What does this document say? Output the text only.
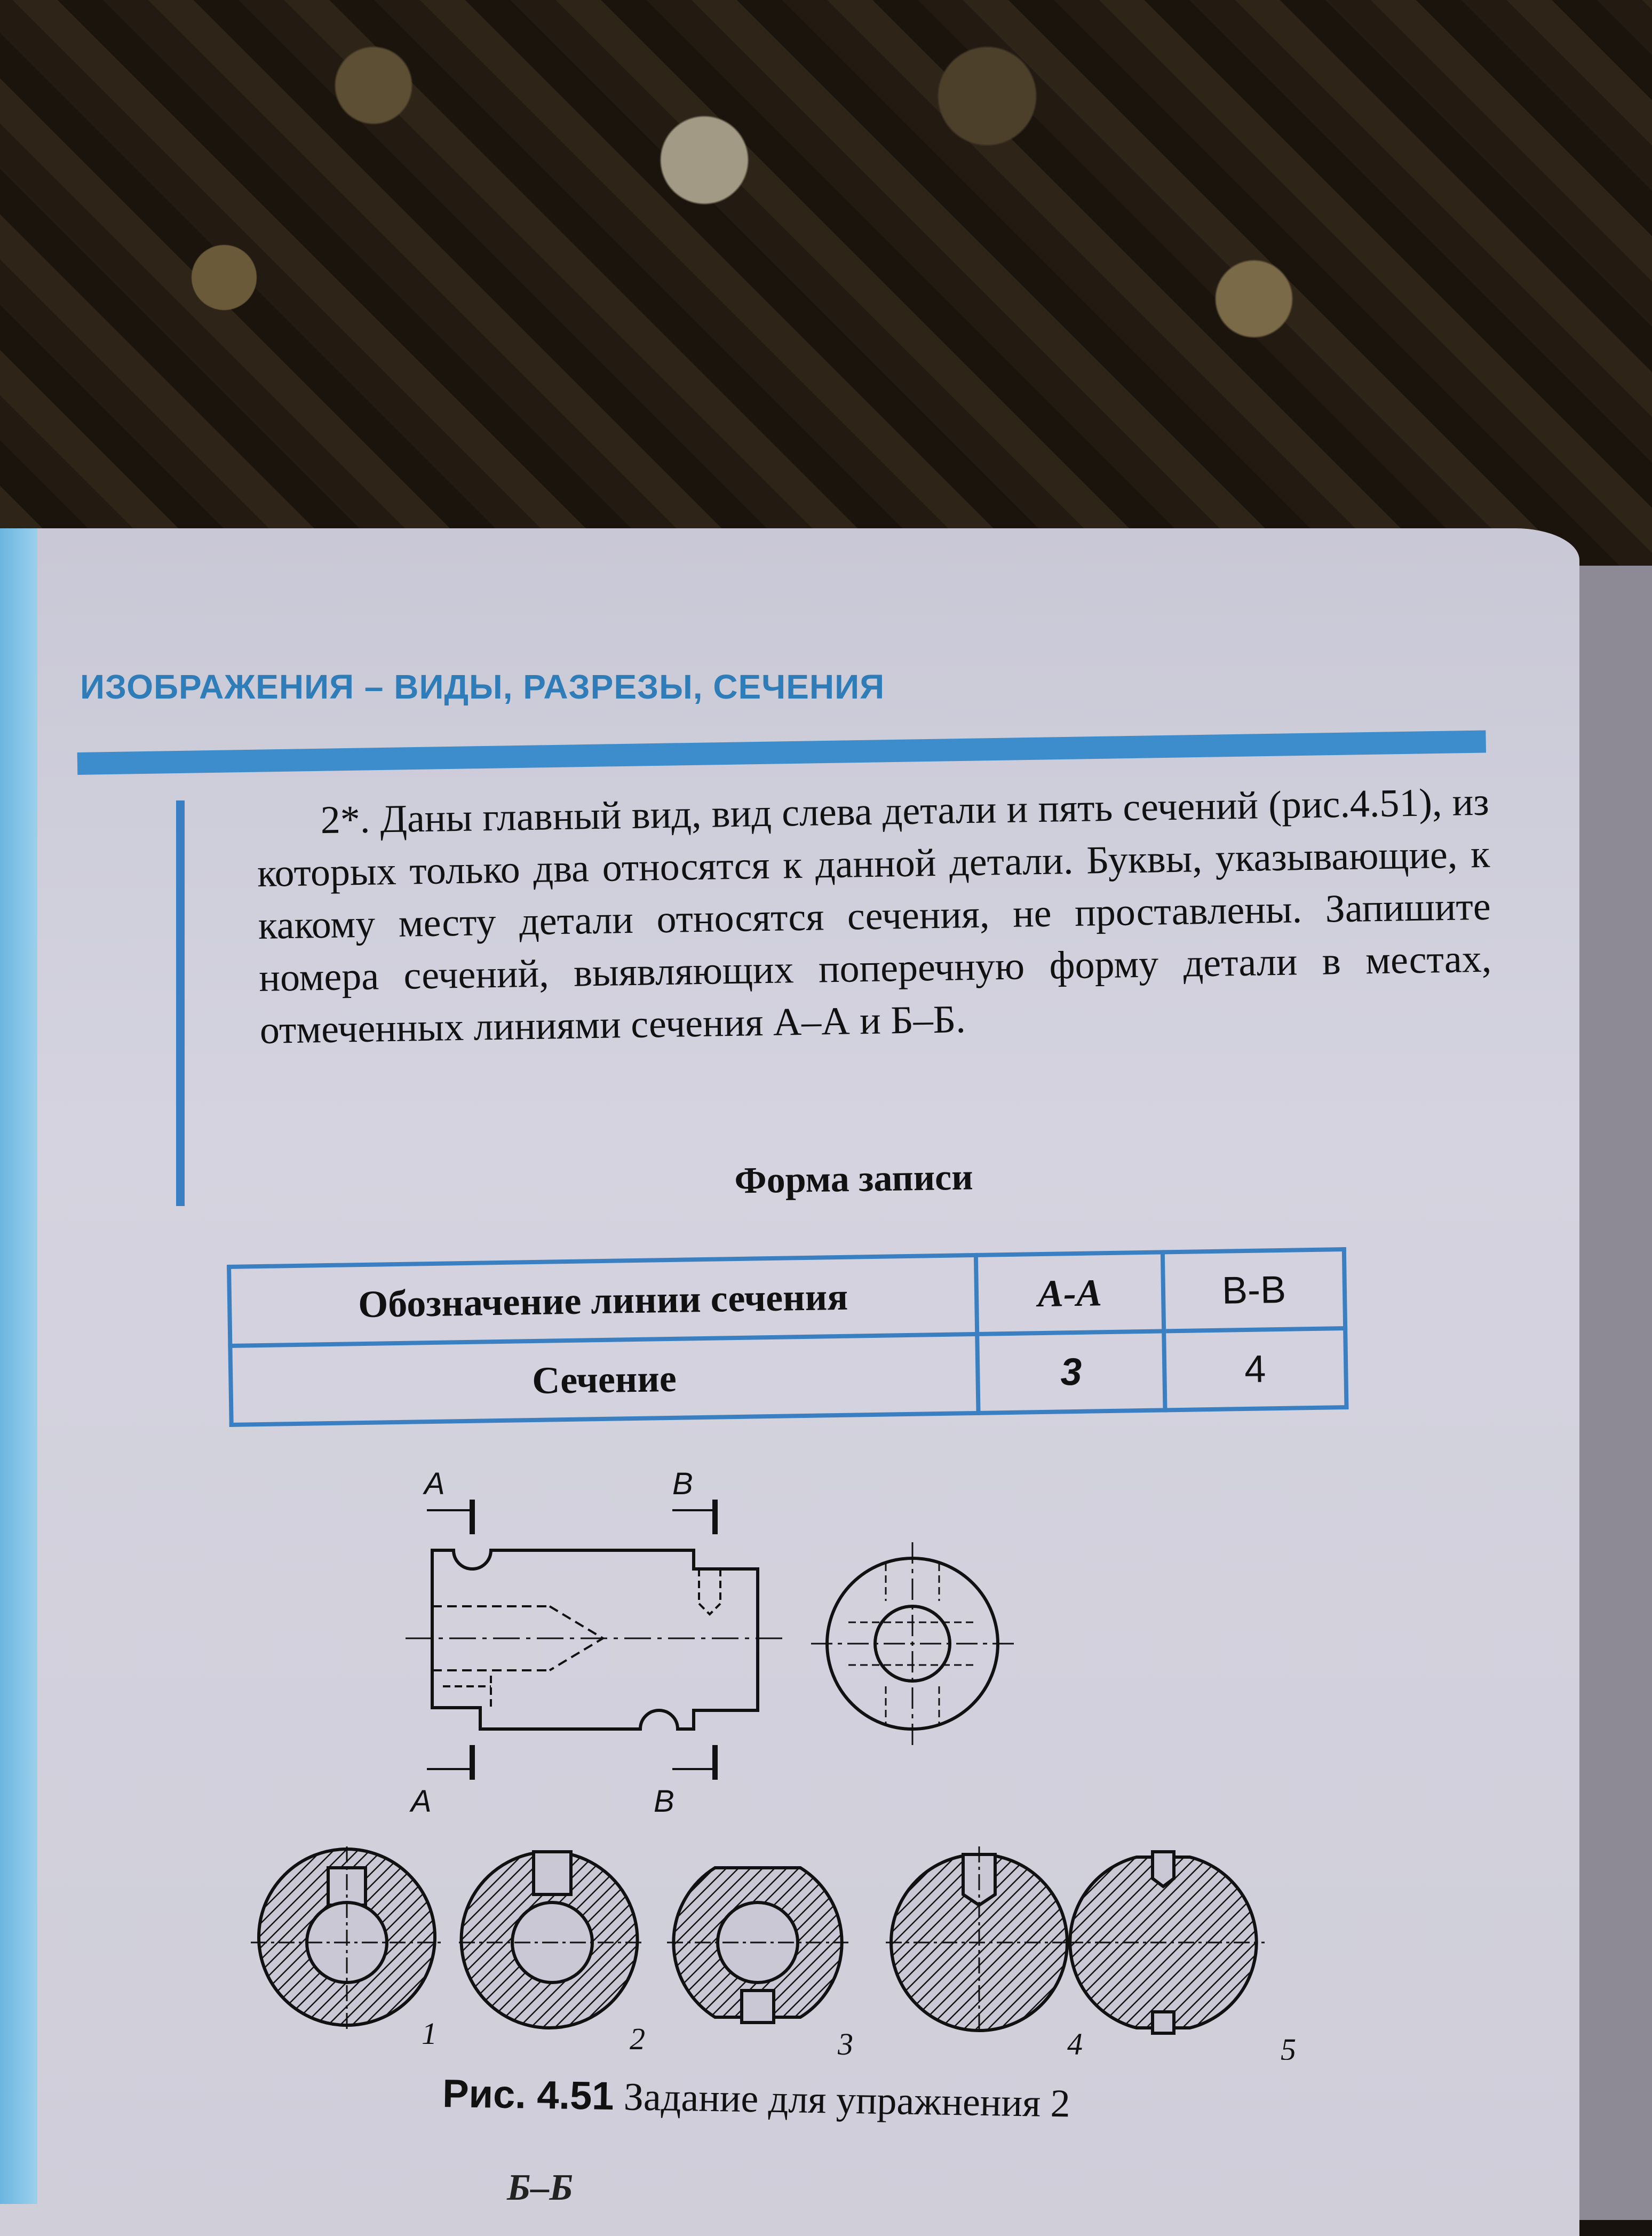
ИЗОБРАЖЕНИЯ – ВИДЫ, РАЗРЕЗЫ, СЕЧЕНИЯ

2*. Даны главный вид, вид слева детали и пять сечений (рис.4.51), из которых только два относятся к данной детали. Буквы, указывающие, к какому месту детали относятся сечения, не проставлены. Запишите номера сечений, выявляющих поперечную форму детали в местах, отмеченных линиями сечения А–А и Б–Б.

Форма записи
Обозначение линии сечения	А-А	В-В
Сечение	3	4
A	B
A	B
1	2	3	4	5
Рис. 4.51 Задание для упражнения 2
Б–Б
